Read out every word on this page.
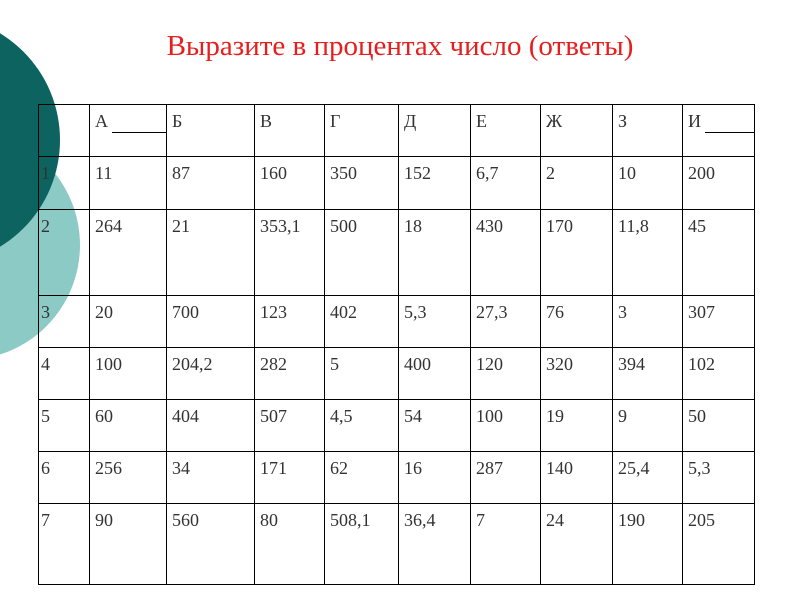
Выразите в процентах число (ответы)
	А	Б	В	Г	Д	Е	Ж	З	И

1	11	87	160	350	152	6,7	2	10	200
2	264	21	353,1	500	18	430	170	11,8	45
3	20	700	123	402	5,3	27,3	76	3	307
4	100	204,2	282	5	400	120	320	394	102
5	60	404	507	4,5	54	100	19	9	50
6	256	34	171	62	16	287	140	25,4	5,3
7	90	560	80	508,1	36,4	7	24	190	205
